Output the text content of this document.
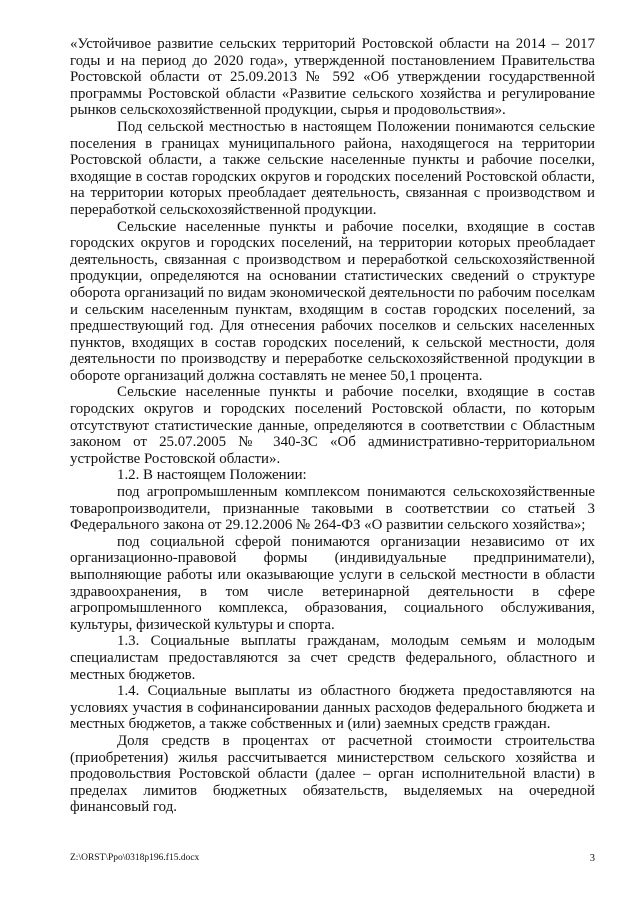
«Устойчивое развитие сельских территорий Ростовской области на 2014 – 2017 годы и на период до 2020 года», утвержденной постановлением Правительства Ростовской области от 25.09.2013 № 592 «Об утверждении государственной программы Ростовской области «Развитие сельского хозяйства и регулирование рынков сельскохозяйственной продукции, сырья и продовольствия».

Под сельской местностью в настоящем Положении понимаются сельские поселения в границах муниципального района, находящегося на территории Ростовской области, а также сельские населенные пункты и рабочие поселки, входящие в состав городских округов и городских поселений Ростовской области, на территории которых преобладает деятельность, связанная с производством и переработкой сельскохозяйственной продукции.

Сельские населенные пункты и рабочие поселки, входящие в состав городских округов и городских поселений, на территории которых преобладает деятельность, связанная с производством и переработкой сельскохозяйственной продукции, определяются на основании статистических сведений о структуре оборота организаций по видам экономической деятельности по рабочим поселкам и сельским населенным пунктам, входящим в состав городских поселений, за предшествующий год. Для отнесения рабочих поселков и сельских населенных пунктов, входящих в состав городских поселений, к сельской местности, доля деятельности по производству и переработке сельскохозяйственной продукции в обороте организаций должна составлять не менее 50,1 процента.

Сельские населенные пункты и рабочие поселки, входящие в состав городских округов и городских поселений Ростовской области, по которым отсутствуют статистические данные, определяются в соответствии с Областным законом от 25.07.2005 № 340-ЗС «Об административно-территориальном устройстве Ростовской области».

1.2. В настоящем Положении:

под агропромышленным комплексом понимаются сельскохозяйственные товаропроизводители, признанные таковыми в соответствии со статьей 3 Федерального закона от 29.12.2006 № 264-ФЗ «О развитии сельского хозяйства»;

под социальной сферой понимаются организации независимо от их организационно-правовой формы (индивидуальные предприниматели), выполняющие работы или оказывающие услуги в сельской местности в области здравоохранения, в том числе ветеринарной деятельности в сфере агропромышленного комплекса, образования, социального обслуживания, культуры, физической культуры и спорта.

1.3. Социальные выплаты гражданам, молодым семьям и молодым специалистам предоставляются за счет средств федерального, областного и местных бюджетов.

1.4. Социальные выплаты из областного бюджета предоставляются на условиях участия в софинансировании данных расходов федерального бюджета и местных бюджетов, а также собственных и (или) заемных средств граждан.

Доля средств в процентах от расчетной стоимости строительства (приобретения) жилья рассчитывается министерством сельского хозяйства и продовольствия Ростовской области (далее – орган исполнительной власти) в пределах лимитов бюджетных обязательств, выделяемых на очередной финансовый год.

Z:\ORST\Ppo\0318p196.f15.docx	3
